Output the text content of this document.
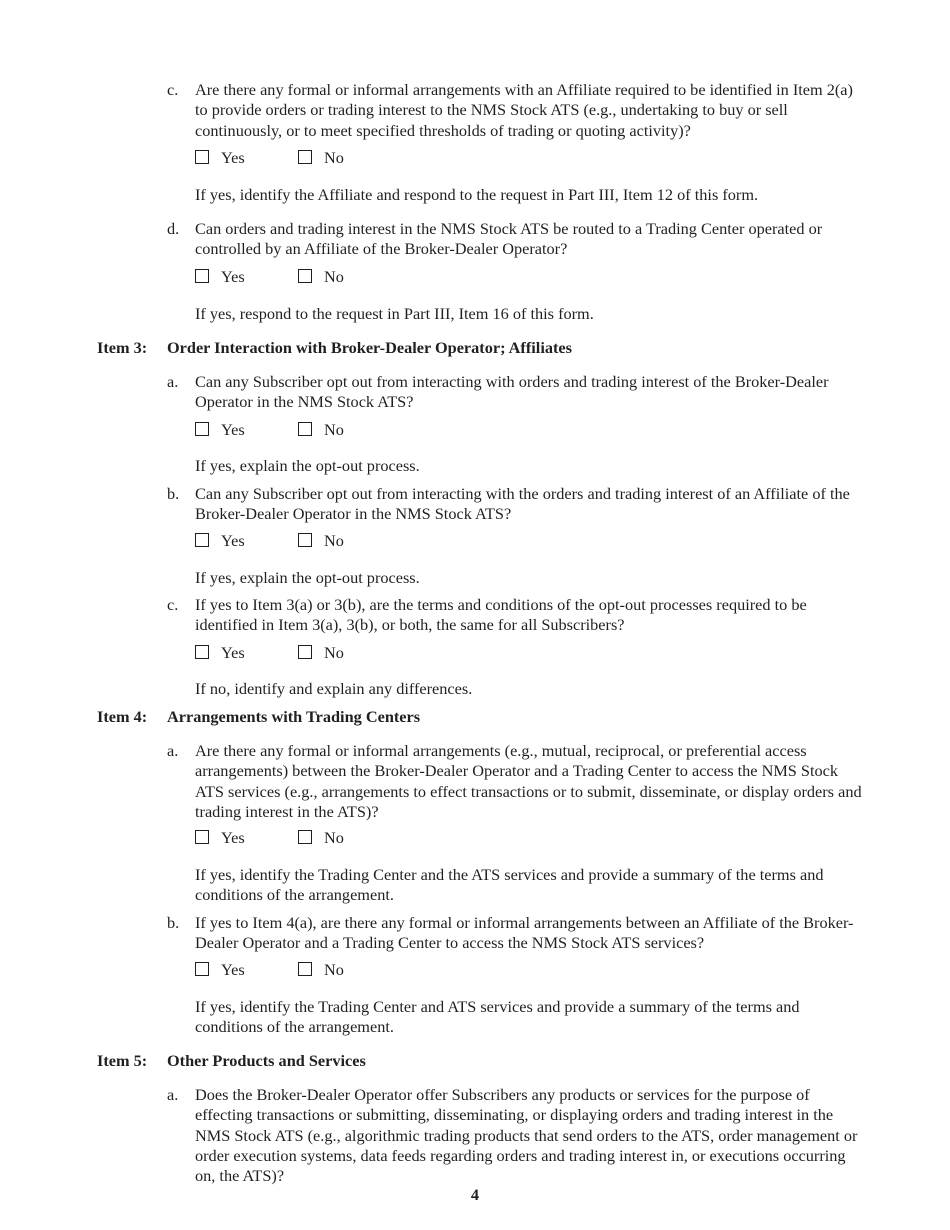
c. Are there any formal or informal arrangements with an Affiliate required to be identified in Item 2(a) to provide orders or trading interest to the NMS Stock ATS (e.g., undertaking to buy or sell continuously, or to meet specified thresholds of trading or quoting activity)?
Yes	No
If yes, identify the Affiliate and respond to the request in Part III, Item 12 of this form.
d. Can orders and trading interest in the NMS Stock ATS be routed to a Trading Center operated or controlled by an Affiliate of the Broker-Dealer Operator?
Yes	No
If yes, respond to the request in Part III, Item 16 of this form.
Item 3: Order Interaction with Broker-Dealer Operator; Affiliates
a. Can any Subscriber opt out from interacting with orders and trading interest of the Broker-Dealer Operator in the NMS Stock ATS?
Yes	No
If yes, explain the opt-out process.
b. Can any Subscriber opt out from interacting with the orders and trading interest of an Affiliate of the Broker-Dealer Operator in the NMS Stock ATS?
Yes	No
If yes, explain the opt-out process.
c. If yes to Item 3(a) or 3(b), are the terms and conditions of the opt-out processes required to be identified in Item 3(a), 3(b), or both, the same for all Subscribers?
Yes	No
If no, identify and explain any differences.
Item 4: Arrangements with Trading Centers
a. Are there any formal or informal arrangements (e.g., mutual, reciprocal, or preferential access arrangements) between the Broker-Dealer Operator and a Trading Center to access the NMS Stock ATS services (e.g., arrangements to effect transactions or to submit, disseminate, or display orders and trading interest in the ATS)?
Yes	No
If yes, identify the Trading Center and the ATS services and provide a summary of the terms and conditions of the arrangement.
b. If yes to Item 4(a), are there any formal or informal arrangements between an Affiliate of the Broker-Dealer Operator and a Trading Center to access the NMS Stock ATS services?
Yes	No
If yes, identify the Trading Center and ATS services and provide a summary of the terms and conditions of the arrangement.
Item 5: Other Products and Services
a. Does the Broker-Dealer Operator offer Subscribers any products or services for the purpose of effecting transactions or submitting, disseminating, or displaying orders and trading interest in the NMS Stock ATS (e.g., algorithmic trading products that send orders to the ATS, order management or order execution systems, data feeds regarding orders and trading interest in, or executions occurring on, the ATS)?
4
